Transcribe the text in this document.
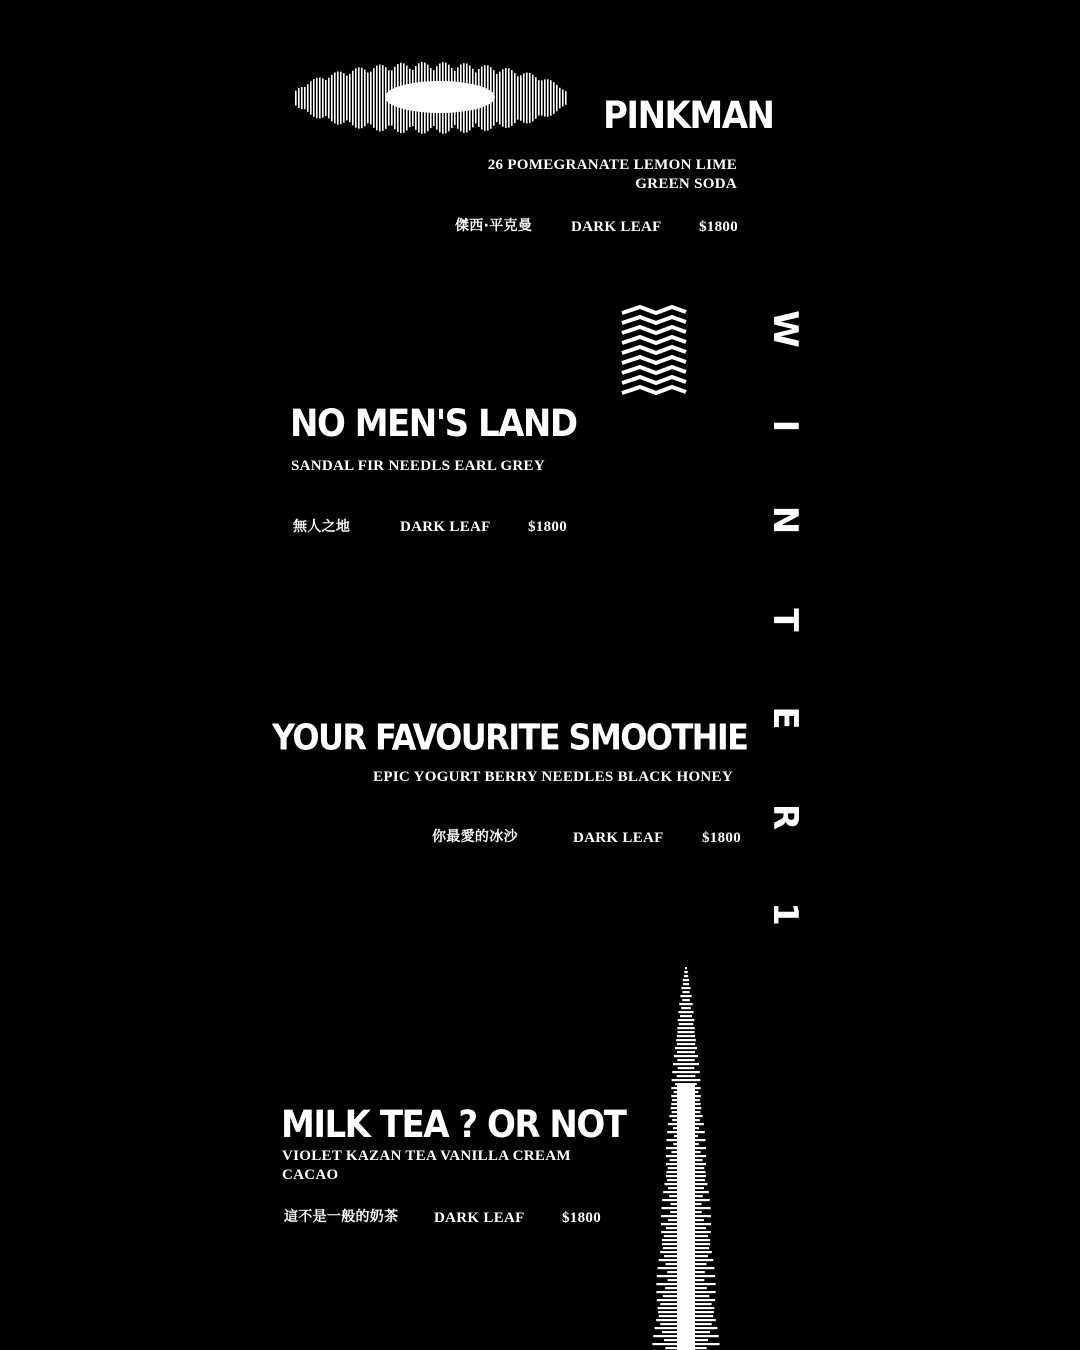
PINKMAN
26 POMEGRANATE LEMON LIME
GREEN SODA
傑西·平克曼	DARK LEAF $1800
NO MEN'S LAND
SANDAL FIR NEEDLS EARL GREY
無人之地	DARK LEAF $1800
YOUR FAVOURITE SMOOTHIE
EPIC YOGURT BERRY NEEDLES BLACK HONEY
你最愛的冰沙	DARK LEAF	$1800
MILK TEA ? OR NOT
VIOLET KAZAN TEA VANILLA CREAM
CACAO
這不是一般的奶茶 DARK LEAF $1800
W
I
N
T
E
R
1
